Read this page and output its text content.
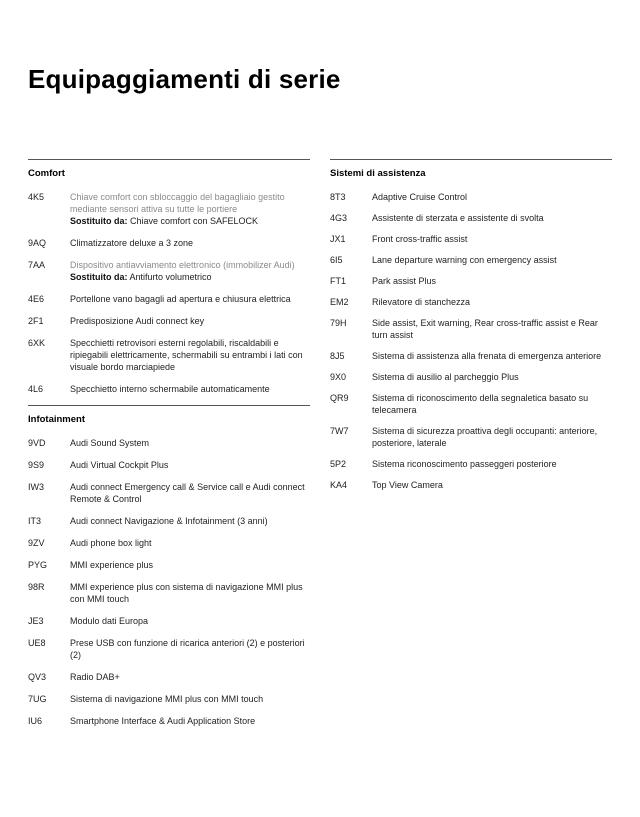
Equipaggiamenti di serie
Comfort
4K5	Chiave comfort con sbloccaggio del bagagliaio gestito mediante sensori attiva su tutte le portiere
Sostituito da: Chiave comfort con SAFELOCK
9AQ	Climatizzatore deluxe a 3 zone
7AA	Dispositivo antiavviamento elettronico (immobilizer Audi)
Sostituito da: Antifurto volumetrico
4E6	Portellone vano bagagli ad apertura e chiusura elettrica
2F1	Predisposizione Audi connect key
6XK	Specchietti retrovisori esterni regolabili, riscaldabili e ripiegabili elettricamente, schermabili su entrambi i lati con visuale bordo marciapiede
4L6	Specchietto interno schermabile automaticamente
Infotainment
9VD	Audi Sound System
9S9	Audi Virtual Cockpit Plus
IW3	Audi connect Emergency call & Service call e Audi connect Remote & Control
IT3	Audi connect Navigazione & Infotainment (3 anni)
9ZV	Audi phone box light
PYG	MMI experience plus
98R	MMI experience plus con sistema di navigazione MMI plus con MMI touch
JE3	Modulo dati Europa
UE8	Prese USB con funzione di ricarica anteriori (2) e posteriori (2)
QV3	Radio DAB+
7UG	Sistema di navigazione MMI plus con MMI touch
IU6	Smartphone Interface & Audi Application Store
Sistemi di assistenza
8T3	Adaptive Cruise Control
4G3	Assistente di sterzata e assistente di svolta
JX1	Front cross-traffic assist
6I5	Lane departure warning con emergency assist
FT1	Park assist Plus
EM2	Rilevatore di stanchezza
79H	Side assist, Exit warning, Rear cross-traffic assist e Rear turn assist
8J5	Sistema di assistenza alla frenata di emergenza anteriore
9X0	Sistema di ausilio al parcheggio Plus
QR9	Sistema di riconoscimento della segnaletica basato su telecamera
7W7	Sistema di sicurezza proattiva degli occupanti: anteriore, posteriore, laterale
5P2	Sistema riconoscimento passeggeri posteriore
KA4	Top View Camera
